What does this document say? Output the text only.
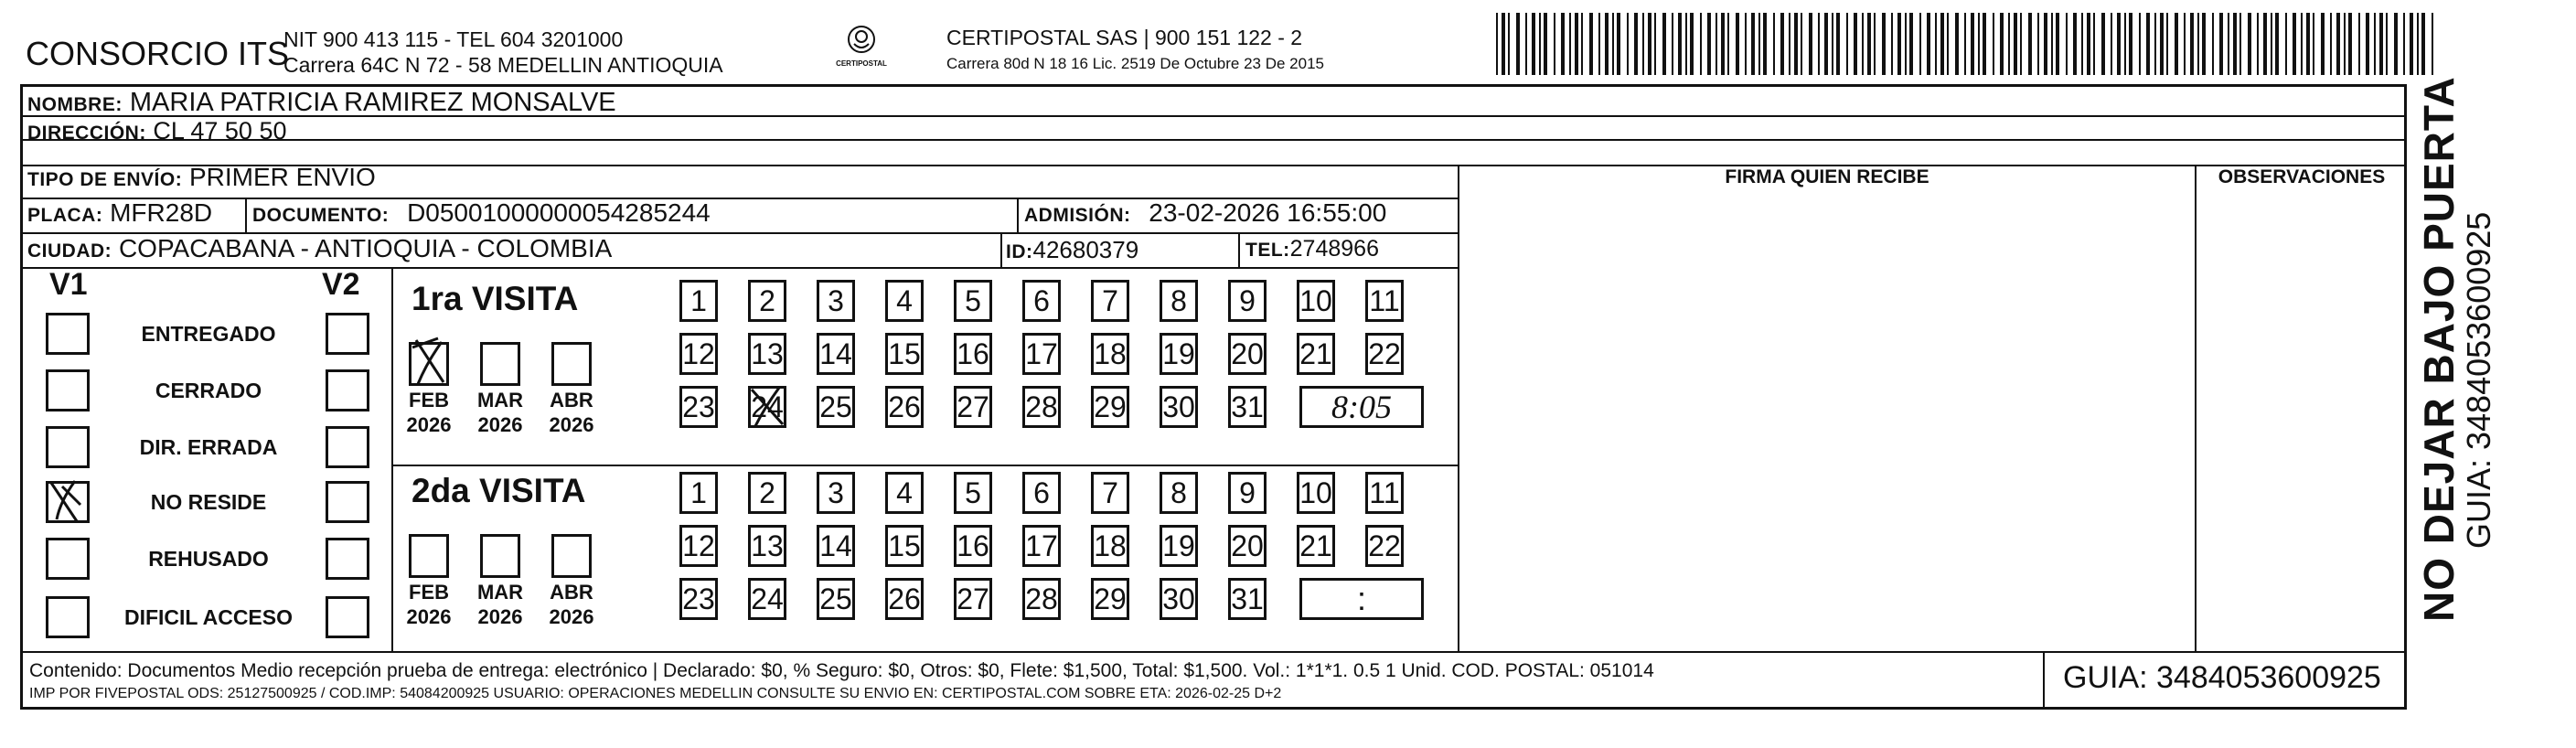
CONSORCIO ITS
NIT 900 413 115 - TEL 604 3201000
Carrera 64C N 72 - 58 MEDELLIN ANTIOQUIA	CERTIPOSTAL
CERTIPOSTAL SAS | 900 151 122 - 2
Carrera 80d N 18 16 Lic. 2519 De Octubre 23 De 2015
NOMBRE: MARIA PATRICIA RAMIREZ MONSALVE
DIRECCIÓN: CL 47 50 50
TIPO DE ENVÍO: PRIMER ENVIO	FIRMA QUIEN RECIBE	OBSERVACIONES
PLACA: MFR28D DOCUMENTO: D05001000000054285244	ADMISIÓN: 23-02-2026 16:55:00
CIUDAD: COPACABANA - ANTIOQUIA - COLOMBIA	ID:42680379	TEL:2748966
V1	V2
ENTREGADO
CERRADO
DIR. ERRADA
NO RESIDE
REHUSADO
DIFICIL ACCESO
1ra VISITA
2da VISITA
FEB
2026
MAR
2026
ABR
2026
1	2	3	4	5	6	7	8	9	10 11
12 13 14 15 16 17 18 19 20 21 22
23 24 25 26 27 28 29 30 31	8:05
FEB
2026
MAR
2026
ABR
2026
1	2	3	4	5	6	7	8	9	10 11
12 13 14 15 16 17 18 19 20 21 22
23 24 25 26 27 28 29 30 31	:
Contenido: Documentos Medio recepción prueba de entrega: electrónico | Declarado: $0, % Seguro: $0, Otros: $0, Flete: $1,500, Total: $1,500. Vol.: 1*1*1. 0.5 1 Unid. COD. POSTAL: 051014
IMP POR FIVEPOSTAL ODS: 25127500925 / COD.IMP: 54084200925 USUARIO: OPERACIONES MEDELLIN CONSULTE SU ENVIO EN: CERTIPOSTAL.COM SOBRE ETA: 2026-02-25 D+2	GUIA: 3484053600925
NO DEJAR BAJO PUERTA
GUIA: 3484053600925
